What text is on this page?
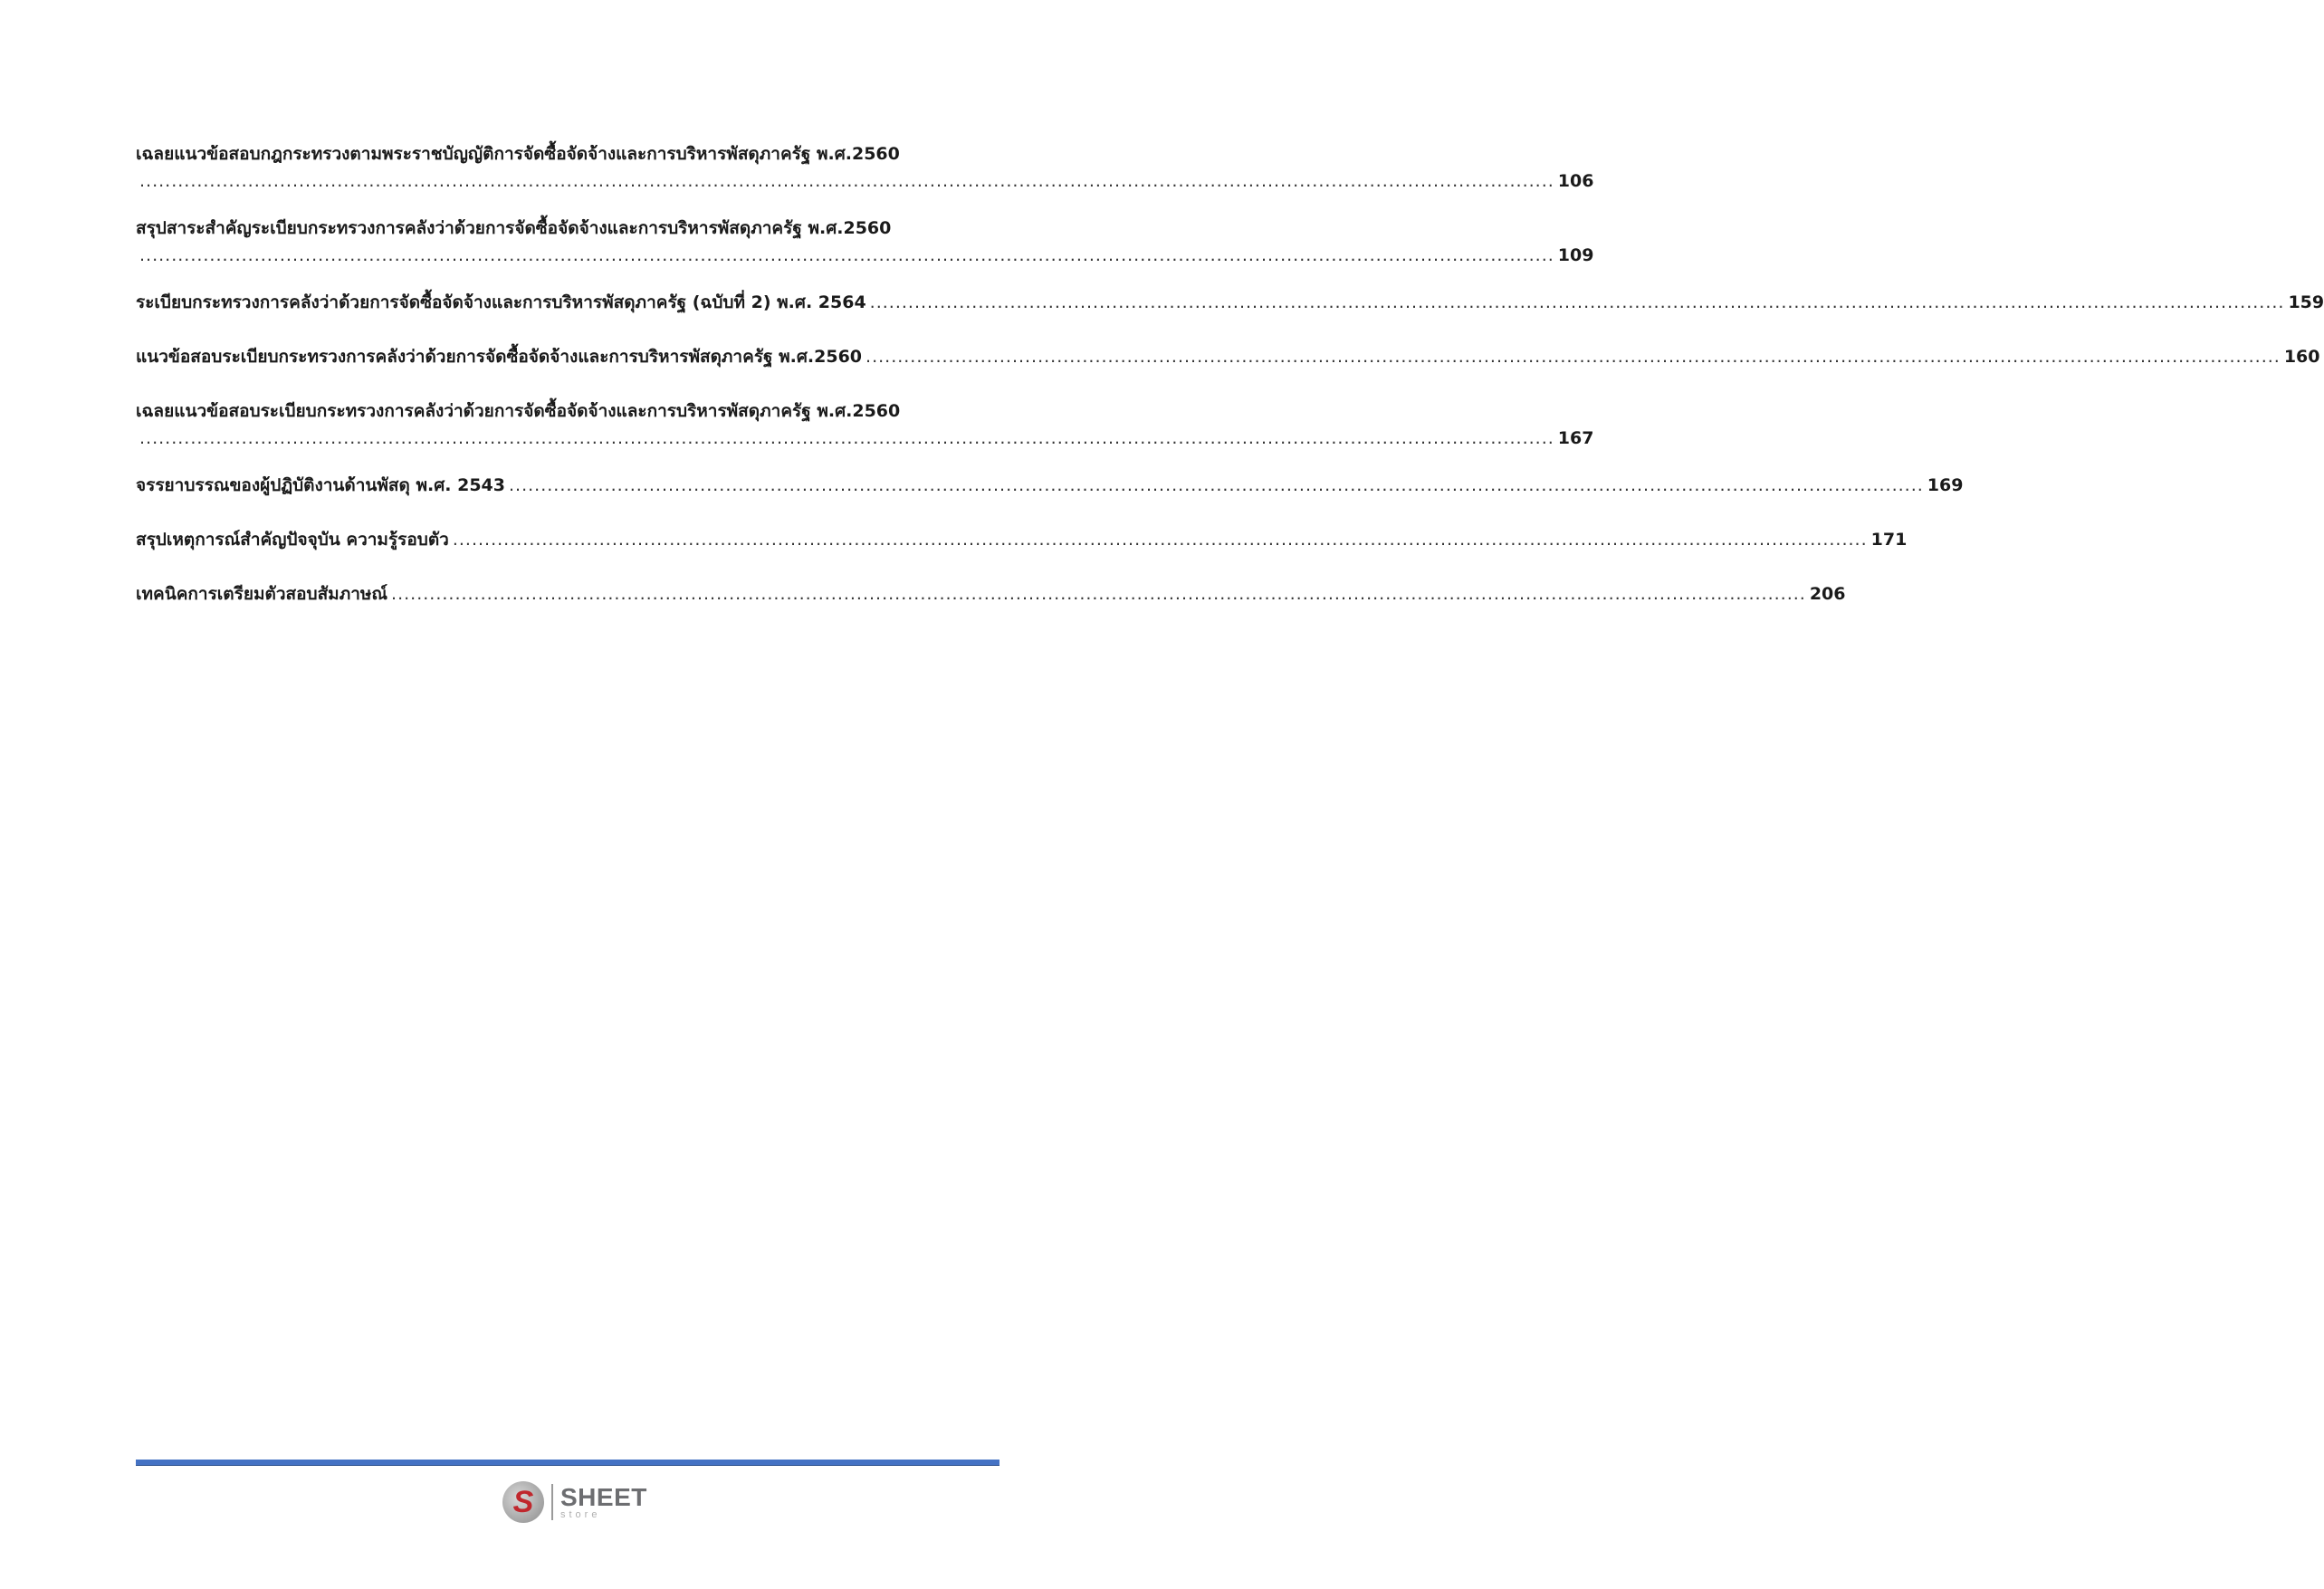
เฉลยแนวข้อสอบกฎกระทรวงตามพระราชบัญญัติการจัดซื้อจัดจ้างและการบริหารพัสดุภาครัฐ พ.ศ.2560
.............................................................................................................................................................................................................................. 106
สรุปสาระสำคัญระเบียบกระทรวงการคลังว่าด้วยการจัดซื้อจัดจ้างและการบริหารพัสดุภาครัฐ พ.ศ.2560
.............................................................................................................................................................................................................................. 109
ระเบียบกระทรวงการคลังว่าด้วยการจัดซื้อจัดจ้างและการบริหารพัสดุภาครัฐ (ฉบับที่ 2) พ.ศ. 2564 .............................................................................................................................................................................................................................. 159
แนวข้อสอบระเบียบกระทรวงการคลังว่าด้วยการจัดซื้อจัดจ้างและการบริหารพัสดุภาครัฐ พ.ศ.2560 .............................................................................................................................................................................................................................. 160
เฉลยแนวข้อสอบระเบียบกระทรวงการคลังว่าด้วยการจัดซื้อจัดจ้างและการบริหารพัสดุภาครัฐ พ.ศ.2560
.............................................................................................................................................................................................................................. 167
จรรยาบรรณของผู้ปฏิบัติงานด้านพัสดุ พ.ศ. 2543 .............................................................................................................................................................................................................................. 169
สรุปเหตุการณ์สำคัญปัจจุบัน ความรู้รอบตัว .............................................................................................................................................................................................................................. 171
เทคนิคการเตรียมตัวสอบสัมภาษณ์ .............................................................................................................................................................................................................................. 206
S	SHEET
store
